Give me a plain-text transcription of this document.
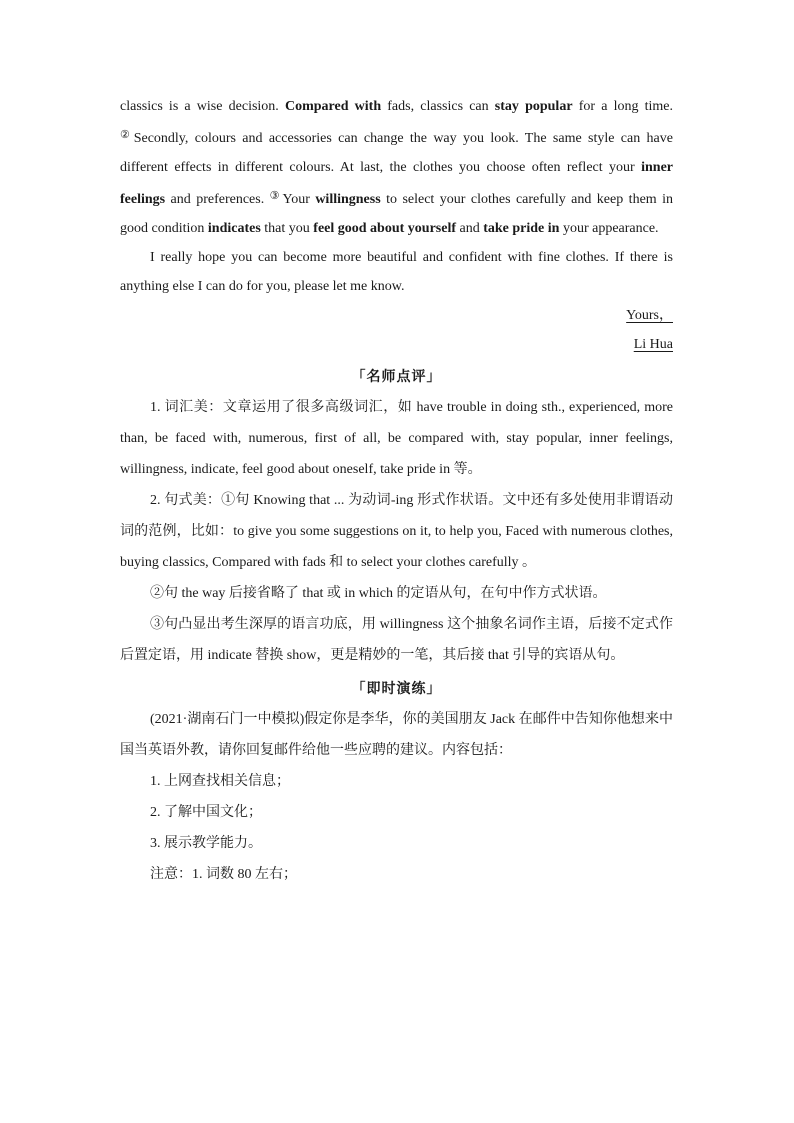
classics is a wise decision. Compared with fads, classics can stay popular for a long time. ②Secondly, colours and accessories can change the way you look. The same style can have different effects in different colours. At last, the clothes you choose often reflect your inner feelings and preferences. ③Your willingness to select your clothes carefully and keep them in good condition indicates that you feel good about yourself and take pride in your appearance.

I really hope you can become more beautiful and confident with fine clothes. If there is anything else I can do for you, please let me know.

Yours，

Li Hua

「名师点评」

1. 词汇美：文章运用了很多高级词汇，如 have trouble in doing sth., experienced, more than, be faced with, numerous, first of all, be compared with, stay popular, inner feelings, willingness, indicate, feel good about oneself, take pride in 等。

2. 句式美：①句 Knowing that ... 为动词-ing 形式作状语。文中还有多处使用非谓语动词的范例，比如：to give you some suggestions on it, to help you, Faced with numerous clothes, buying classics, Compared with fads 和 to select your clothes carefully 。

②句 the way 后接省略了 that 或 in which 的定语从句，在句中作方式状语。

③句凸显出考生深厚的语言功底，用 willingness 这个抽象名词作主语，后接不定式作后置定语，用 indicate 替换 show，更是精妙的一笔，其后接 that 引导的宾语从句。

「即时演练」

(2021·湖南石门一中模拟)假定你是李华，你的美国朋友 Jack 在邮件中告知你他想来中国当英语外教，请你回复邮件给他一些应聘的建议。内容包括：

1. 上网查找相关信息；

2. 了解中国文化；

3. 展示教学能力。

注意：1. 词数 80 左右；
